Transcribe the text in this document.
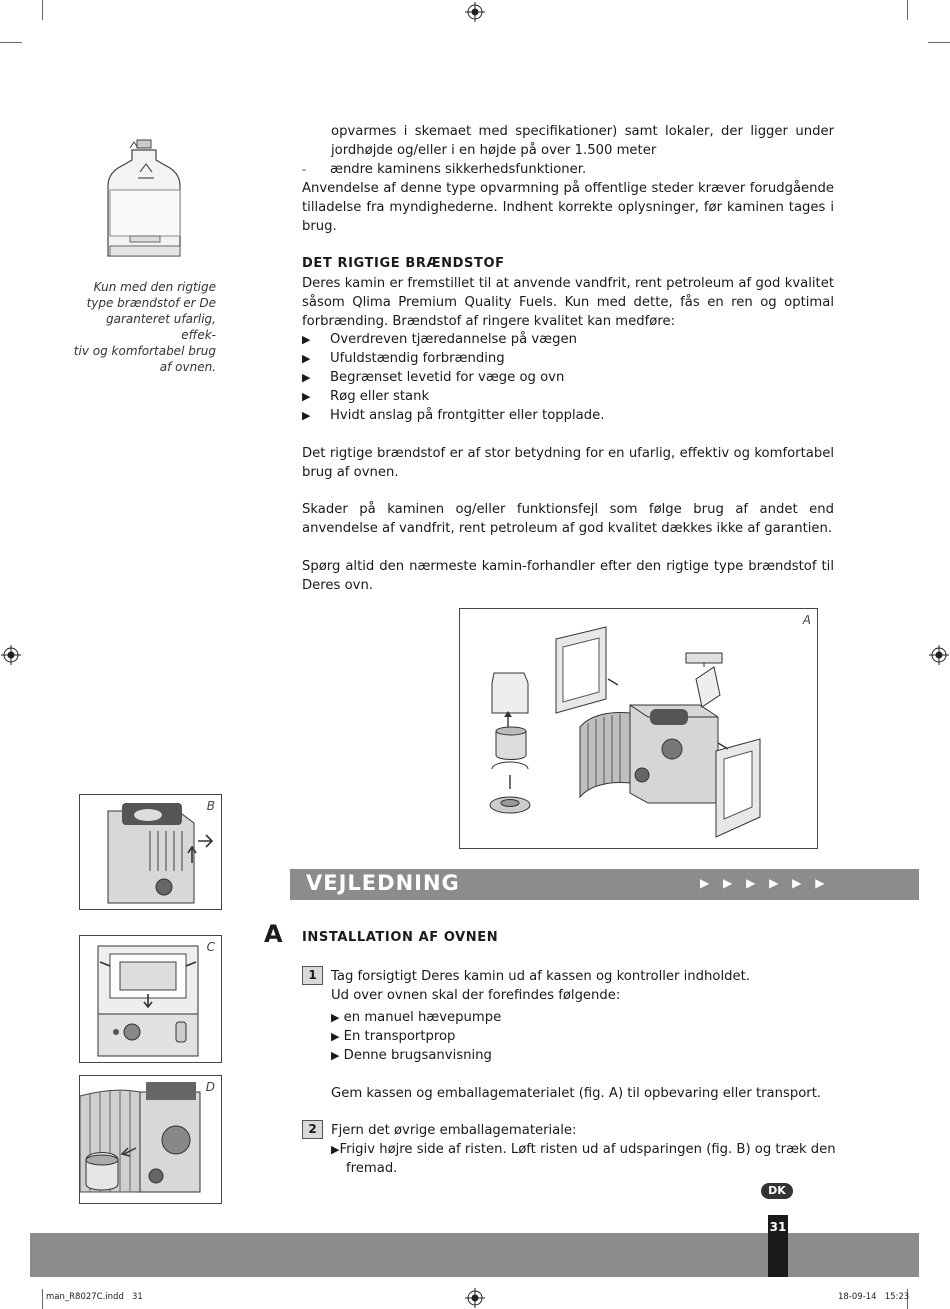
Kun med den rigtige
type brændstof er De
garanteret ufarlig, effek-
tiv og komfortabel brug
af ovnen.
opvarmes i skemaet med specifikationer) samt lokaler, der ligger under
jordhøjde og/eller i en højde på over 1.500 meter
- ændre kaminens sikkerhedsfunktioner.
Anvendelse af denne type opvarmning på offentlige steder kræver forudgående tilladelse fra myndighederne. Indhent korrekte oplysninger, før kaminen tages i brug.
DET RIGTIGE BRÆNDSTOF
Deres kamin er fremstillet til at anvende vandfrit, rent petroleum af god kvalitet såsom Qlima Premium Quality Fuels. Kun med dette, fås en ren og optimal forbrænding. Brændstof af ringere kvalitet kan medføre:
▶ Overdreven tjæredannelse på vægen
▶ Ufuldstændig forbrænding
▶ Begrænset levetid for væge og ovn
▶ Røg eller stank
▶ Hvidt anslag på frontgitter eller topplade.
Det rigtige brændstof er af stor betydning for en ufarlig, effektiv og komfortabel brug af ovnen.
Skader på kaminen og/eller funktionsfejl som følge brug af andet end anvendelse af vandfrit, rent petroleum af god kvalitet dækkes ikke af garantien.
Spørg altid den nærmeste kamin-forhandler efter den rigtige type brændstof til Deres ovn.
A
B
C
D
VEJLEDNING	▶ ▶ ▶ ▶ ▶ ▶
A INSTALLATION AF OVNEN
1	Tag forsigtigt Deres kamin ud af kassen og kontroller indholdet.
Ud over ovnen skal der forefindes følgende:
▶ en manuel hævepumpe
▶ En transportprop
▶ Denne brugsanvisning
Gem kassen og emballagematerialet (fig. A) til opbevaring eller transport.
2	Fjern det øvrige emballagemateriale:
▶Frigiv højre side af risten. Løft risten ud af udsparingen (fig. B) og træk den
fremad.
DK
31
man_R8027C.indd   31	18-09-14   15:23
